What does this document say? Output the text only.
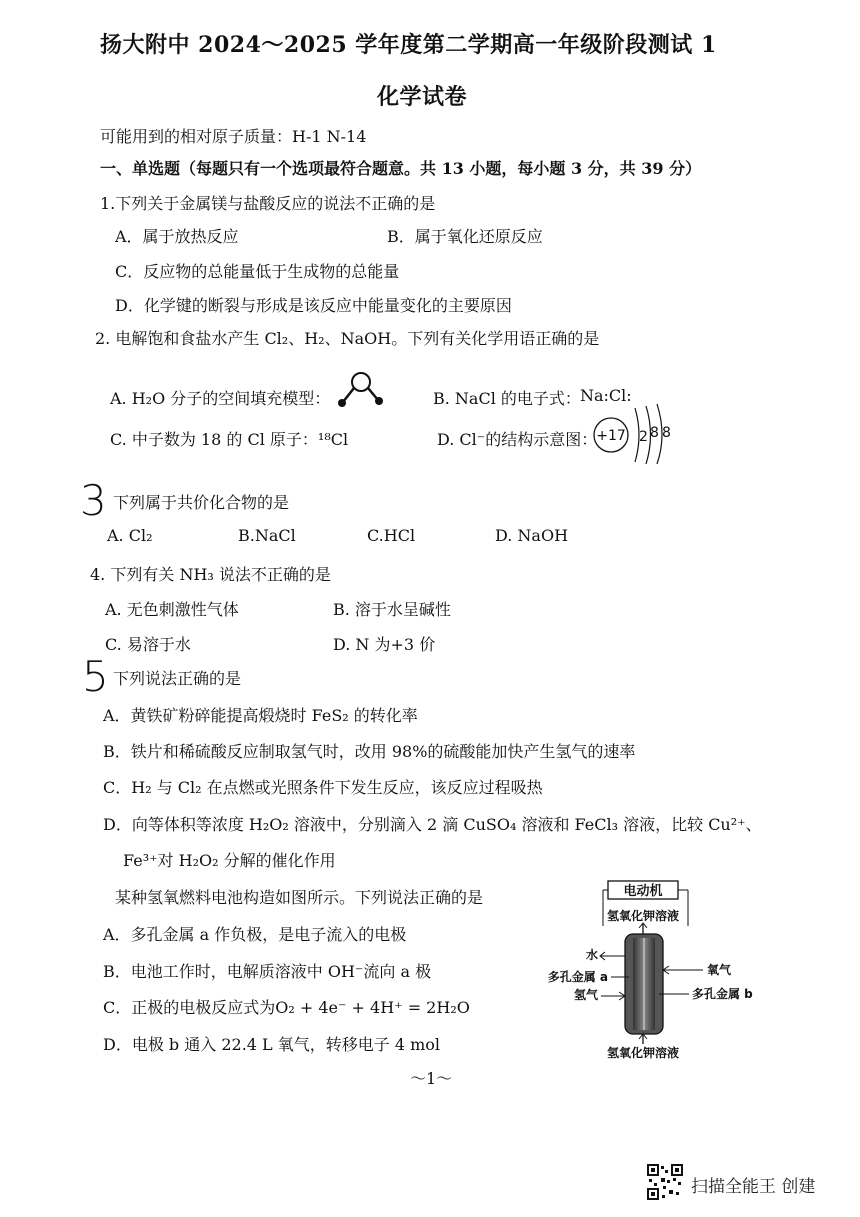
扬大附中 2024～2025 学年度第二学期高一年级阶段测试 1
化学试卷
可能用到的相对原子质量：H-1 N-14
一、单选题（每题只有一个选项最符合题意。共 13 小题，每小题 3 分，共 39 分）
1.下列关于金属镁与盐酸反应的说法不正确的是
A．属于放热反应	B．属于氧化还原反应
C．反应物的总能量低于生成物的总能量
D．化学键的断裂与形成是该反应中能量变化的主要原因
2. 电解饱和食盐水产生 Cl₂、H₂、NaOH。下列有关化学用语正确的是
A. H₂O 分子的空间填充模型：	B. NaCl 的电子式： Na:Cl:
C. 中子数为 18 的 Cl 原子：¹⁸Cl	D. Cl⁻的结构示意图：
+17 2 8 8
3 下列属于共价化合物的是
A. Cl₂	B.NaCl	C.HCl	D. NaOH
4. 下列有关 NH₃ 说法不正确的是
A. 无色刺激性气体	B. 溶于水呈碱性
C. 易溶于水	D. N 为+3 价
5 下列说法正确的是
A．黄铁矿粉碎能提高煅烧时 FeS₂ 的转化率
B．铁片和稀硫酸反应制取氢气时，改用 98%的硫酸能加快产生氢气的速率
C．H₂ 与 Cl₂ 在点燃或光照条件下发生反应，该反应过程吸热
D．向等体积等浓度 H₂O₂ 溶液中，分别滴入 2 滴 CuSO₄ 溶液和 FeCl₃ 溶液，比较 Cu²⁺、
Fe³⁺对 H₂O₂ 分解的催化作用
某种氢氧燃料电池构造如图所示。下列说法正确的是
A．多孔金属 a 作负极，是电子流入的电极
B．电池工作时，电解质溶液中 OH⁻流向 a 极
C．正极的电极反应式为O₂ + 4e⁻ + 4H⁺ = 2H₂O
D．电极 b 通入 22.4 L 氧气，转移电子 4 mol
电动机
氢氧化钾溶液
水
多孔金属 a	氧气
氢气	多孔金属 b
氢氧化钾溶液
～1～
扫描全能王 创建
